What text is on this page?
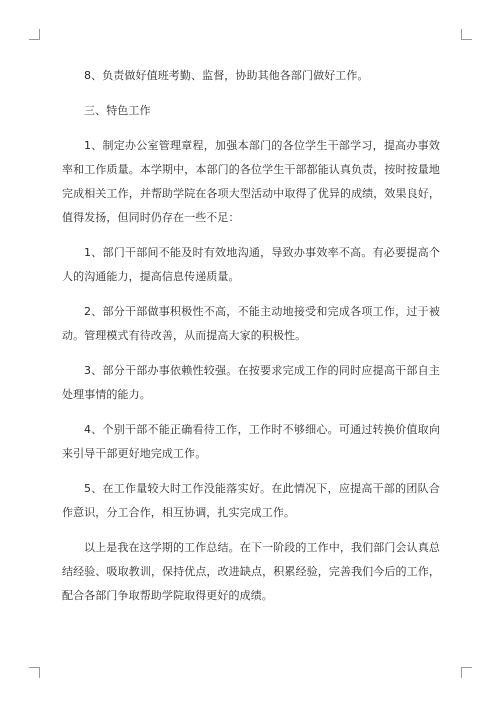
8、负责做好值班考勤、监督，协助其他各部门做好工作。

三、特色工作

1、制定办公室管理章程，加强本部门的各位学生干部学习，提高办事效率和工作质量。本学期中，本部门的各位学生干部都能认真负责，按时按量地完成相关工作，并帮助学院在各项大型活动中取得了优异的成绩，效果良好，值得发扬，但同时仍存在一些不足：

1、部门干部间不能及时有效地沟通，导致办事效率不高。有必要提高个人的沟通能力，提高信息传递质量。

2、部分干部做事积极性不高，不能主动地接受和完成各项工作，过于被动。管理模式有待改善，从而提高大家的积极性。

3、部分干部办事依赖性较强。在按要求完成工作的同时应提高干部自主处理事情的能力。

4、个别干部不能正确看待工作，工作时不够细心。可通过转换价值取向来引导干部更好地完成工作。

5、在工作量较大时工作没能落实好。在此情况下，应提高干部的团队合作意识，分工合作，相互协调，扎实完成工作。

以上是我在这学期的工作总结。在下一阶段的工作中，我们部门会认真总结经验、吸取教训，保持优点，改进缺点，积累经验，完善我们今后的工作，配合各部门争取帮助学院取得更好的成绩。
